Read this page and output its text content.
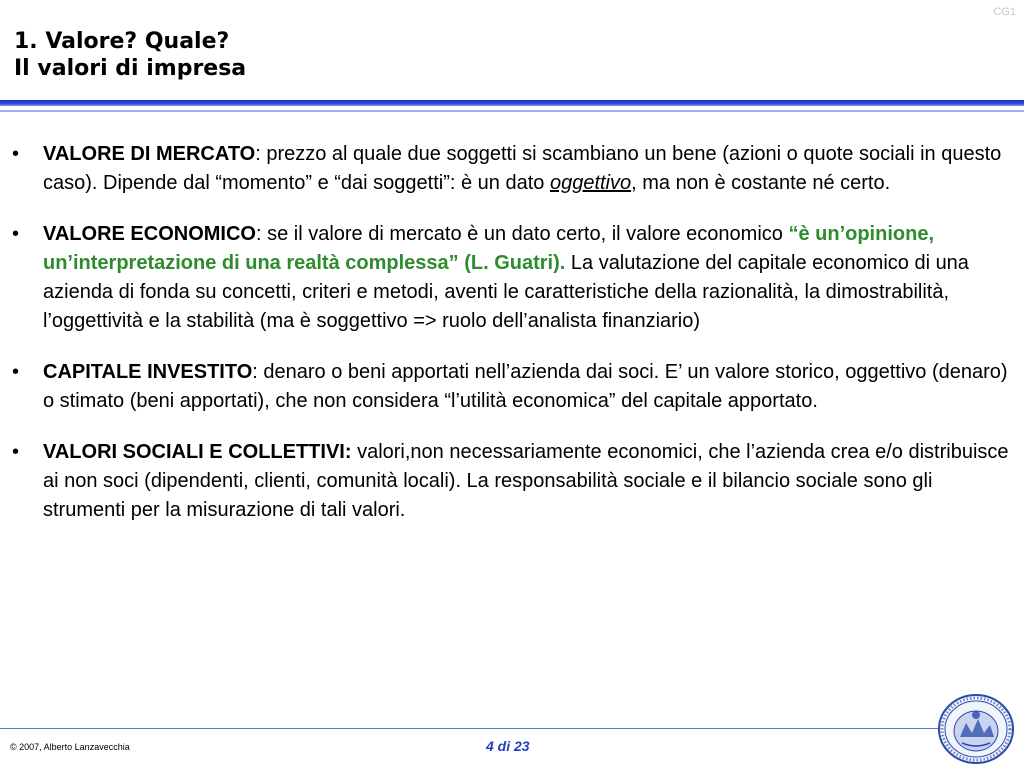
CG1
1. Valore? Quale?
Il valori di impresa
•	VALORE DI MERCATO: prezzo al quale due soggetti si scambiano un bene (azioni o quote sociali in questo caso). Dipende dal “momento” e “dai soggetti”: è un dato oggettivo, ma non è costante né certo.
•	VALORE ECONOMICO: se il valore di mercato è un dato certo, il valore economico “è un’opinione, un’interpretazione di una realtà complessa” (L. Guatri). La valutazione del capitale economico di una azienda di fonda su concetti, criteri e metodi, aventi le caratteristiche della razionalità, la dimostrabilità, l’oggettività e la stabilità (ma è soggettivo => ruolo dell’analista finanziario)
•	CAPITALE INVESTITO: denaro o beni apportati nell’azienda dai soci. E’ un valore storico, oggettivo (denaro) o stimato (beni apportati), che non considera “l’utilità economica” del capitale apportato.
•	VALORI SOCIALI E COLLETTIVI: valori,non necessariamente economici, che l’azienda crea e/o distribuisce ai non soci (dipendenti, clienti, comunità locali). La responsabilità sociale e il bilancio sociale sono gli strumenti per la misurazione di tali valori.
© 2007, Alberto Lanzavecchia	4 di 23
